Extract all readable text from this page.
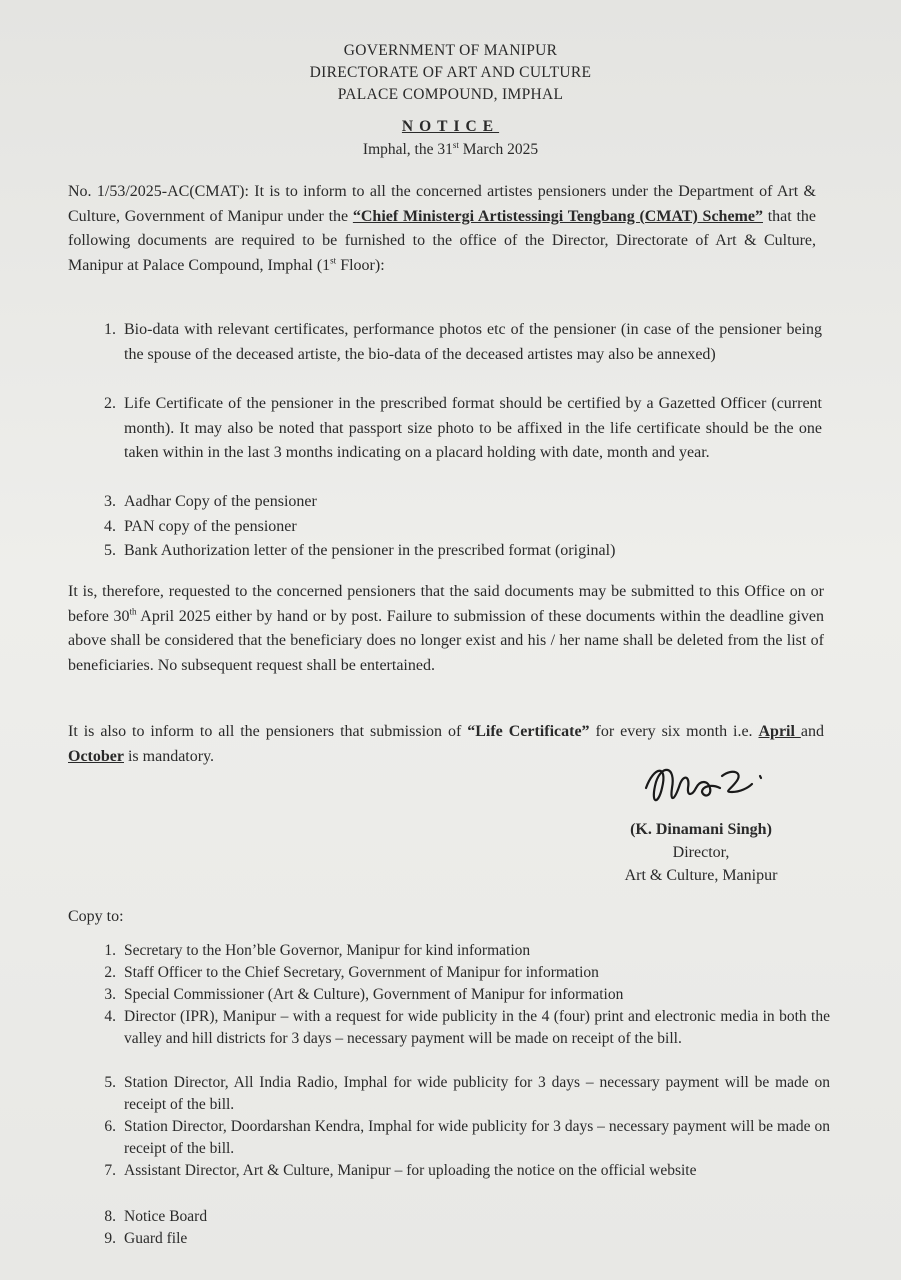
GOVERNMENT OF MANIPUR
DIRECTORATE OF ART AND CULTURE
PALACE COMPOUND, IMPHAL
NOTICE
Imphal, the 31st March 2025
No. 1/53/2025-AC(CMAT): It is to inform to all the concerned artistes pensioners under the Department of Art & Culture, Government of Manipur under the “Chief Ministergi Artistessingi Tengbang (CMAT) Scheme” that the following documents are required to be furnished to the office of the Director, Directorate of Art & Culture, Manipur at Palace Compound, Imphal (1st Floor):
1. Bio-data with relevant certificates, performance photos etc of the pensioner (in case of the pensioner being the spouse of the deceased artiste, the bio-data of the deceased artistes may also be annexed)
2. Life Certificate of the pensioner in the prescribed format should be certified by a Gazetted Officer (current month). It may also be noted that passport size photo to be affixed in the life certificate should be the one taken within in the last 3 months indicating on a placard holding with date, month and year.
3. Aadhar Copy of the pensioner
4. PAN copy of the pensioner
5. Bank Authorization letter of the pensioner in the prescribed format (original)
It is, therefore, requested to the concerned pensioners that the said documents may be submitted to this Office on or before 30th April 2025 either by hand or by post. Failure to submission of these documents within the deadline given above shall be considered that the beneficiary does no longer exist and his / her name shall be deleted from the list of beneficiaries. No subsequent request shall be entertained.
It is also to inform to all the pensioners that submission of “Life Certificate” for every six month i.e. April and October is mandatory.
(K. Dinamani Singh)
Director,
Art & Culture, Manipur
Copy to:
1. Secretary to the Hon’ble Governor, Manipur for kind information
2. Staff Officer to the Chief Secretary, Government of Manipur for information
3. Special Commissioner (Art & Culture), Government of Manipur for information
4. Director (IPR), Manipur – with a request for wide publicity in the 4 (four) print and electronic media in both the valley and hill districts for 3 days – necessary payment will be made on receipt of the bill.
5. Station Director, All India Radio, Imphal for wide publicity for 3 days – necessary payment will be made on receipt of the bill.
6. Station Director, Doordarshan Kendra, Imphal for wide publicity for 3 days – necessary payment will be made on receipt of the bill.
7. Assistant Director, Art & Culture, Manipur – for uploading the notice on the official website
8. Notice Board
9. Guard file
